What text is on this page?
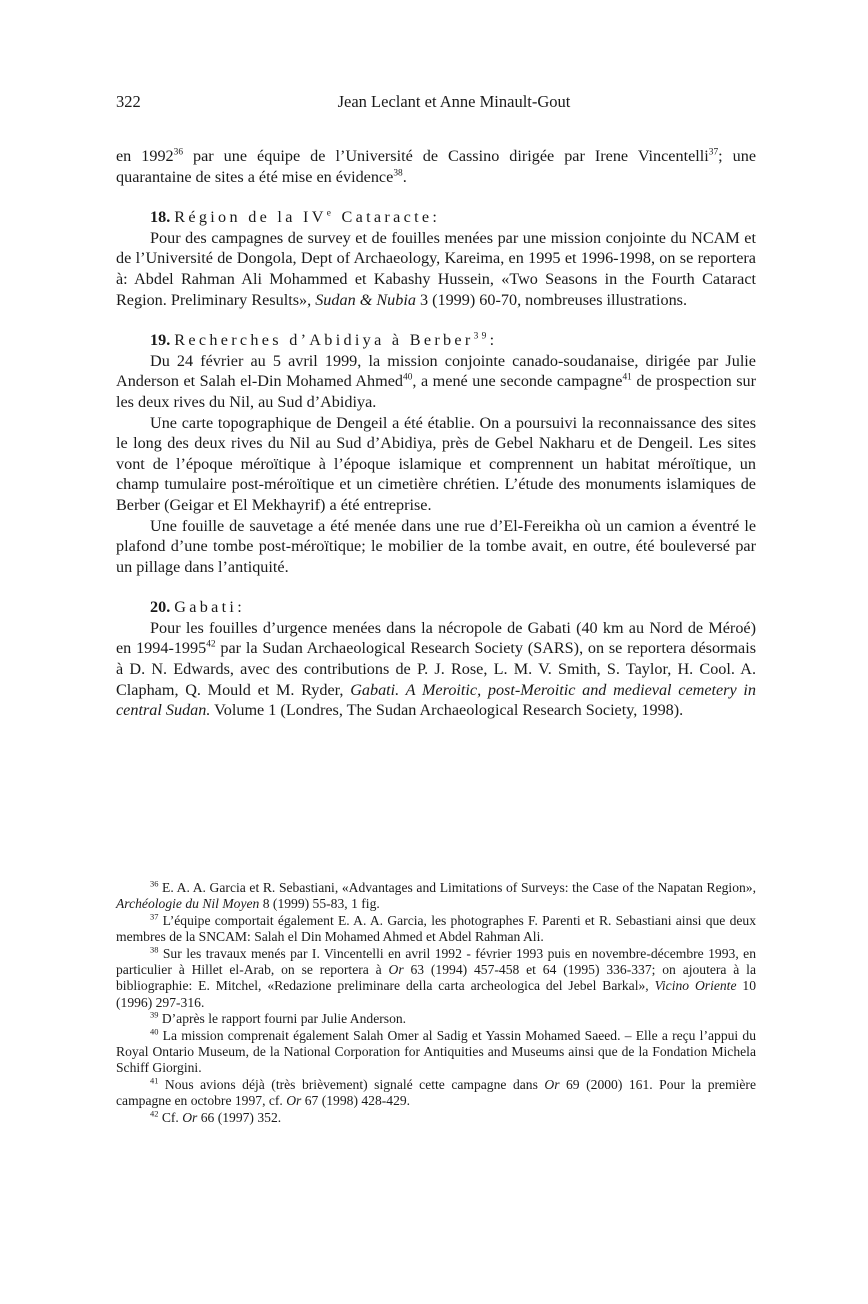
322	Jean Leclant et Anne Minault-Gout

en 1992$^{36}$ par une équipe de l’Université de Cassino dirigée par Irene Vincentelli$^{37}$; une quarantaine de sites a été mise en évidence$^{38}$.

18. Région de la IVe Cataracte:

Pour des campagnes de survey et de fouilles menées par une mission conjointe du NCAM et de l’Université de Dongola, Dept of Archaeology, Kareima, en 1995 et 1996-1998, on se reportera à: Abdel Rahman Ali Mohammed et Kabashy Hussein, «Two Seasons in the Fourth Cataract Region. Preliminary Results», Sudan & Nubia 3 (1999) 60-70, nombreuses illustrations.

19. Recherches d’Abidiya à Berber$^{39}$:

Du 24 février au 5 avril 1999, la mission conjointe canado-soudanaise, dirigée par Julie Anderson et Salah el-Din Mohamed Ahmed$^{40}$, a mené une seconde campagne$^{41}$ de prospection sur les deux rives du Nil, au Sud d’Abidiya.

Une carte topographique de Dengeil a été établie. On a poursuivi la reconnaissance des sites le long des deux rives du Nil au Sud d’Abidiya, près de Gebel Nakharu et de Dengeil. Les sites vont de l’époque méroïtique à l’époque islamique et comprennent un habitat méroïtique, un champ tumulaire post-méroïtique et un cimetière chrétien. L’étude des monuments islamiques de Berber (Geigar et El Mekhayrif) a été entreprise.

Une fouille de sauvetage a été menée dans une rue d’El-Fereikha où un camion a éventré le plafond d’une tombe post-méroïtique; le mobilier de la tombe avait, en outre, été bouleversé par un pillage dans l’antiquité.

20. Gabati:

Pour les fouilles d’urgence menées dans la nécropole de Gabati (40 km au Nord de Méroé) en 1994-1995$^{42}$ par la Sudan Archaeological Research Society (SARS), on se reportera désormais à D. N. Edwards, avec des contributions de P. J. Rose, L. M. V. Smith, S. Taylor, H. Cool. A. Clapham, Q. Mould et M. Ryder, Gabati. A Meroitic, post-Meroitic and medieval cemetery in central Sudan. Volume 1 (Londres, The Sudan Archaeological Research Society, 1998).

$^{36}$ E. A. A. Garcia et R. Sebastiani, «Advantages and Limitations of Surveys: the Case of the Napatan Region», Archéologie du Nil Moyen 8 (1999) 55-83, 1 fig.

$^{37}$ L’équipe comportait également E. A. A. Garcia, les photographes F. Parenti et R. Sebastiani ainsi que deux membres de la SNCAM: Salah el Din Mohamed Ahmed et Abdel Rahman Ali.

$^{38}$ Sur les travaux menés par I. Vincentelli en avril 1992 - février 1993 puis en novembre-décembre 1993, en particulier à Hillet el-Arab, on se reportera à Or 63 (1994) 457-458 et 64 (1995) 336-337; on ajoutera à la bibliographie: E. Mitchel, «Redazione preliminare della carta archeologica del Jebel Barkal», Vicino Oriente 10 (1996) 297-316.

$^{39}$ D’après le rapport fourni par Julie Anderson.

$^{40}$ La mission comprenait également Salah Omer al Sadig et Yassin Mohamed Saeed. – Elle a reçu l’appui du Royal Ontario Museum, de la National Corporation for Antiquities and Museums ainsi que de la Fondation Michela Schiff Giorgini.

$^{41}$ Nous avions déjà (très brièvement) signalé cette campagne dans Or 69 (2000) 161. Pour la première campagne en octobre 1997, cf. Or 67 (1998) 428-429.

$^{42}$ Cf. Or 66 (1997) 352.
